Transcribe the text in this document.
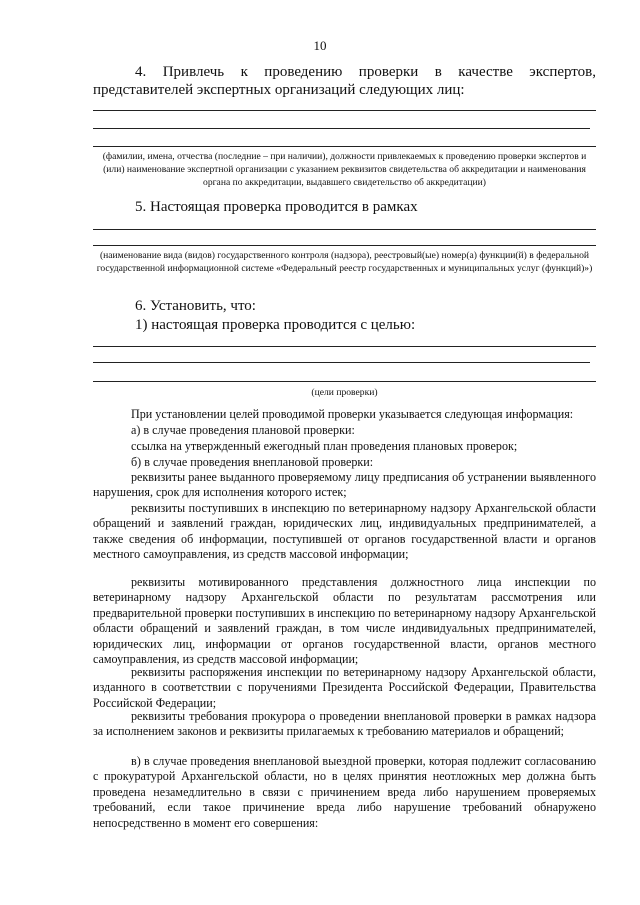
10

4. Привлечь к проведению проверки в качестве экспертов, представителей экспертных организаций следующих лиц:

(фамилии, имена, отчества (последние – при наличии), должности привлекаемых к проведению проверки экспертов и (или) наименование экспертной организации с указанием реквизитов свидетельства об аккредитации и наименования органа по аккредитации, выдавшего свидетельство об аккредитации)

5. Настоящая проверка проводится в рамках

(наименование вида (видов) государственного контроля (надзора), реестровый(ые) номер(а) функции(й) в федеральной государственной информационной системе «Федеральный реестр государственных и муниципальных услуг (функций)»)

6. Установить, что:

1) настоящая проверка проводится с целью:

(цели проверки)

При установлении целей проводимой проверки указывается следующая информация:

а) в случае проведения плановой проверки:

ссылка на утвержденный ежегодный план проведения плановых проверок;

б) в случае проведения внеплановой проверки:

реквизиты ранее выданного проверяемому лицу предписания об устранении выявленного нарушения, срок для исполнения которого истек;

реквизиты поступивших в инспекцию по ветеринарному надзору Архангельской области обращений и заявлений граждан, юридических лиц, индивидуальных предпринимателей, а также сведения об информации, поступившей от органов государственной власти и органов местного самоуправления, из средств массовой информации;

реквизиты мотивированного представления должностного лица инспекции по ветеринарному надзору Архангельской области по результатам рассмотрения или предварительной проверки поступивших в инспекцию по ветеринарному надзору Архангельской области обращений и заявлений граждан, в том числе индивидуальных предпринимателей, юридических лиц, информации от органов государственной власти, органов местного самоуправления, из средств массовой информации;

реквизиты распоряжения инспекции по ветеринарному надзору Архангельской области, изданного в соответствии с поручениями Президента Российской Федерации, Правительства Российской Федерации;

реквизиты требования прокурора о проведении внеплановой проверки в рамках надзора за исполнением законов и реквизиты прилагаемых к требованию материалов и обращений;

в) в случае проведения внеплановой выездной проверки, которая подлежит согласованию с прокуратурой Архангельской области, но в целях принятия неотложных мер должна быть проведена незамедлительно в связи с причинением вреда либо нарушением проверяемых требований, если такое причинение вреда либо нарушение требований обнаружено непосредственно в момент его совершения:
